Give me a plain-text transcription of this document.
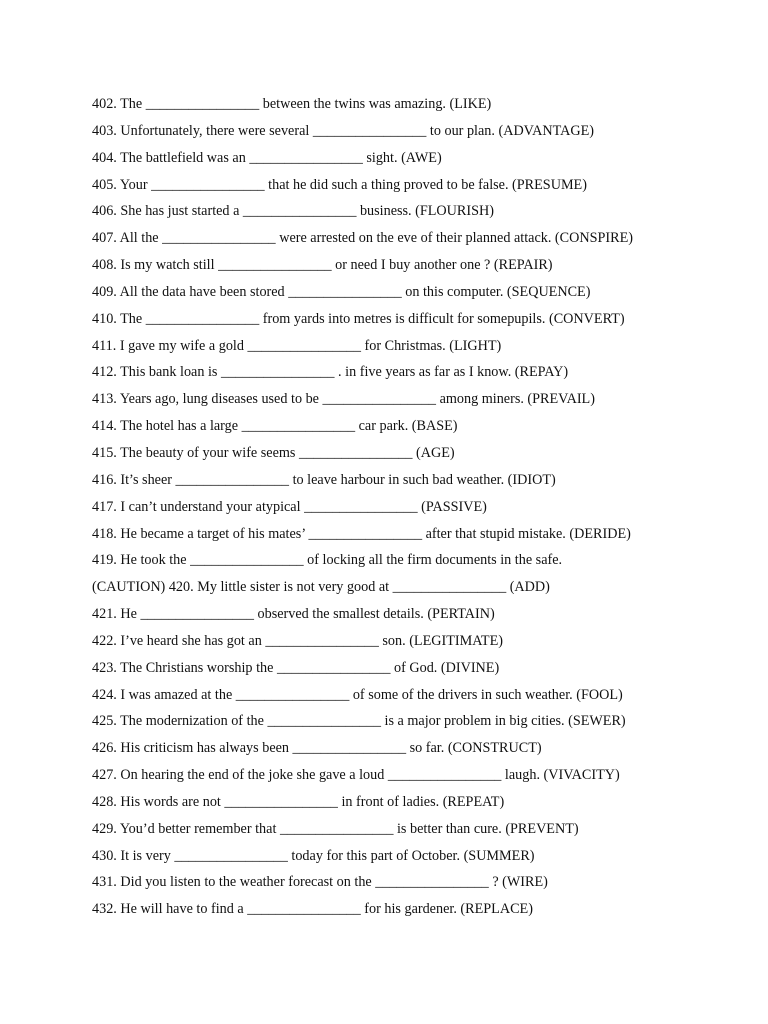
402. The ________________ between the twins was amazing. (LIKE)
403. Unfortunately, there were several ________________ to our plan. (ADVANTAGE)
404. The battlefield was an ________________ sight. (AWE)
405. Your ________________ that he did such a thing proved to be false. (PRESUME)
406. She has just started a ________________ business. (FLOURISH)
407. All the ________________ were arrested on the eve of their planned attack. (CONSPIRE)
408. Is my watch still ________________ or need I buy another one ? (REPAIR)
409. All the data have been stored ________________ on this computer. (SEQUENCE)
410. The ________________ from yards into metres is difficult for somepupils. (CONVERT)
411. I gave my wife a gold ________________ for Christmas. (LIGHT)
412. This bank loan is ________________ . in five years as far as I know. (REPAY)
413. Years ago, lung diseases used to be ________________ among miners. (PREVAIL)
414. The hotel has a large ________________ car park. (BASE)
415. The beauty of your wife seems ________________ (AGE)
416. It’s sheer ________________ to leave harbour in such bad weather. (IDIOT)
417. I can’t understand your atypical ________________ (PASSIVE)
418. He became a target of his mates’ ________________ after that stupid mistake. (DERIDE)
419. He took the ________________ of locking all the firm documents in the safe.
(CAUTION) 420. My little sister is not very good at ________________ (ADD)
421. He ________________ observed the smallest details. (PERTAIN)
422. I’ve heard she has got an ________________ son. (LEGITIMATE)
423. The Christians worship the ________________ of God. (DIVINE)
424. I was amazed at the ________________ of some of the drivers in such weather. (FOOL)
425. The modernization of the ________________ is a major problem in big cities. (SEWER)
426. His criticism has always been ________________ so far. (CONSTRUCT)
427. On hearing the end of the joke she gave a loud ________________ laugh. (VIVACITY)
428. His words are not ________________ in front of ladies. (REPEAT)
429. You’d better remember that ________________ is better than cure. (PREVENT)
430. It is very ________________ today for this part of October. (SUMMER)
431. Did you listen to the weather forecast on the ________________ ? (WIRE)
432. He will have to find a ________________ for his gardener. (REPLACE)
